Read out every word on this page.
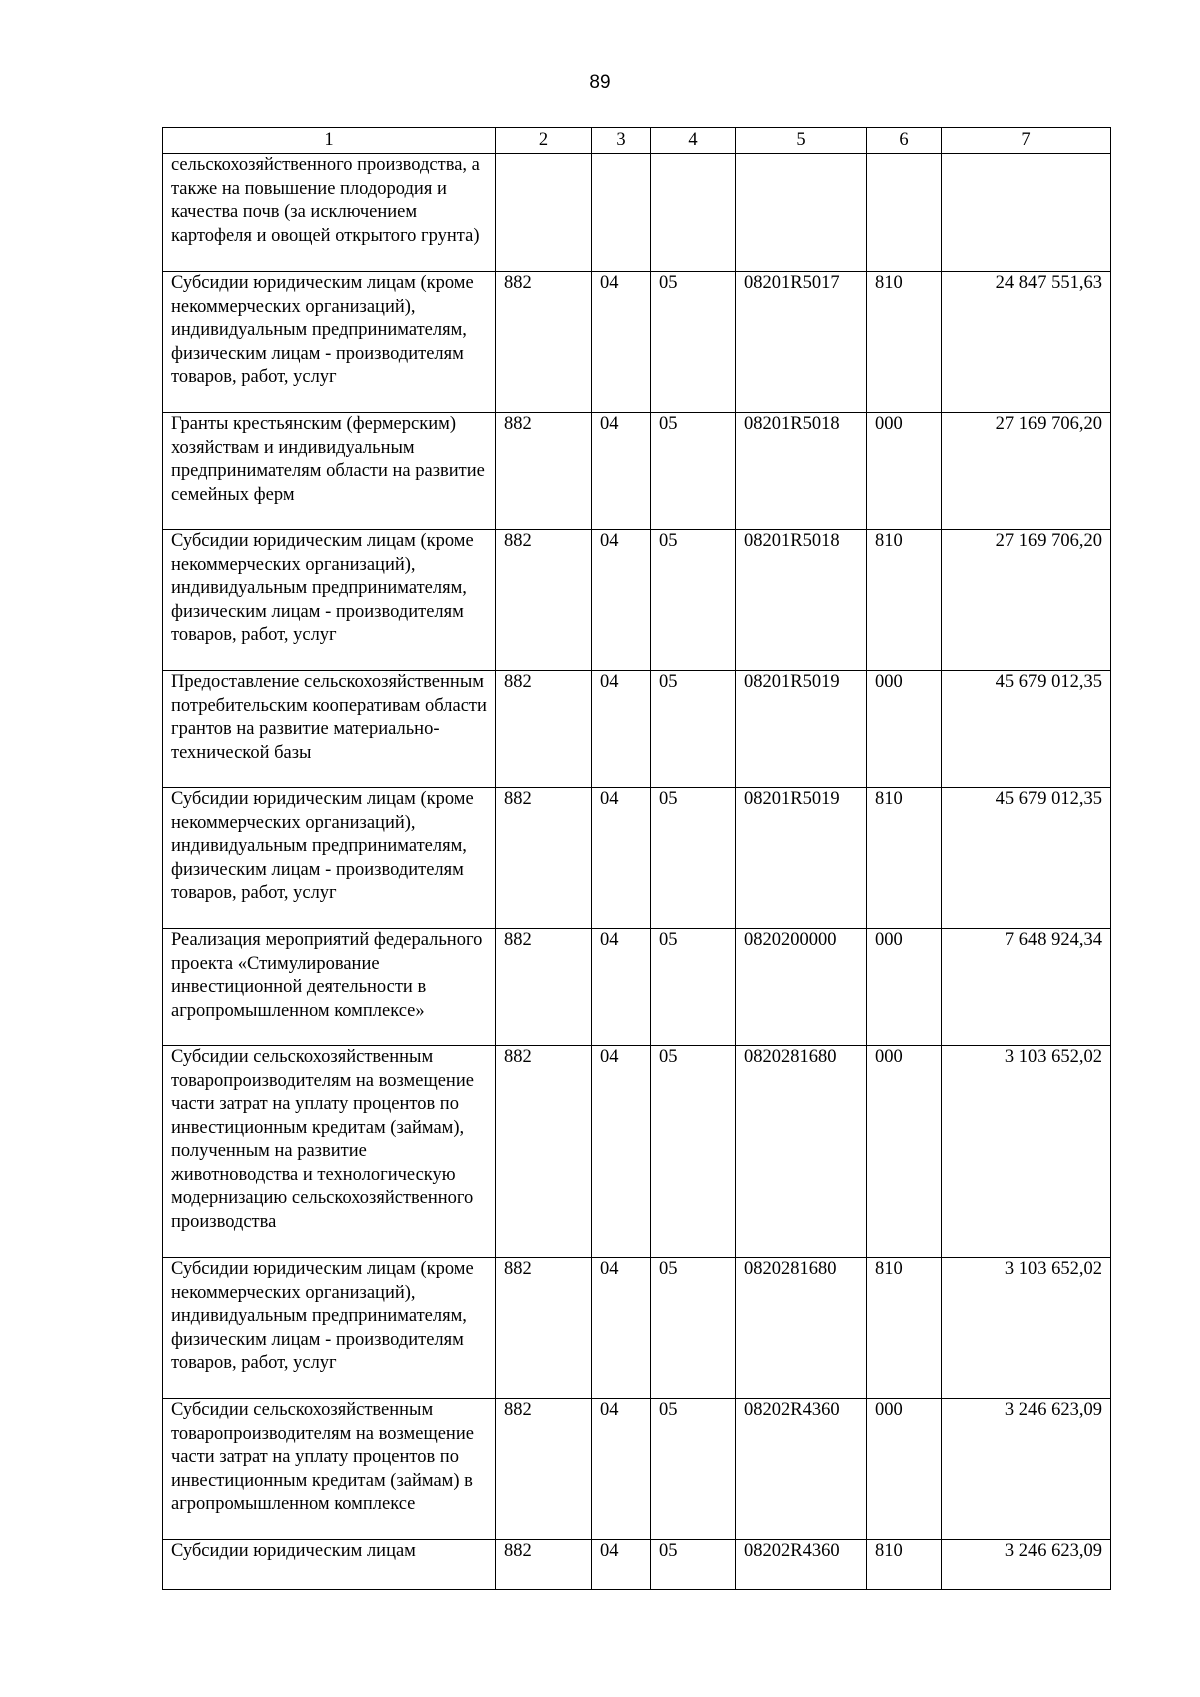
89
1	2	3	4	5	6	7
сельскохозяйственного производства, а также на повышение плодородия и качества почв (за исключением картофеля и овощей открытого грунта)						
Субсидии юридическим лицам (кроме некоммерческих организаций), индивидуальным предпринимателям, физическим лицам - производителям товаров, работ, услуг	882	04	05	08201R5017	810	24 847 551,63
Гранты крестьянским (фермерским) хозяйствам и индивидуальным предпринимателям области на развитие семейных ферм	882	04	05	08201R5018	000	27 169 706,20
Субсидии юридическим лицам (кроме некоммерческих организаций), индивидуальным предпринимателям, физическим лицам - производителям товаров, работ, услуг	882	04	05	08201R5018	810	27 169 706,20
Предоставление сельскохозяйственным потребительским кооперативам области грантов на развитие материально-технической базы	882	04	05	08201R5019	000	45 679 012,35
Субсидии юридическим лицам (кроме некоммерческих организаций), индивидуальным предпринимателям, физическим лицам - производителям товаров, работ, услуг	882	04	05	08201R5019	810	45 679 012,35
Реализация мероприятий федерального проекта «Стимулирование инвестиционной деятельности в агропромышленном комплексе»	882	04	05	0820200000	000	7 648 924,34
Субсидии сельскохозяйственным товаропроизводителям на возмещение части затрат на уплату процентов по инвестиционным кредитам (займам), полученным на развитие животноводства и технологическую модернизацию сельскохозяйственного производства	882	04	05	0820281680	000	3 103 652,02
Субсидии юридическим лицам (кроме некоммерческих организаций), индивидуальным предпринимателям, физическим лицам - производителям товаров, работ, услуг	882	04	05	0820281680	810	3 103 652,02
Субсидии сельскохозяйственным товаропроизводителям на возмещение части затрат на уплату процентов по инвестиционным кредитам (займам) в агропромышленном комплексе	882	04	05	08202R4360	000	3 246 623,09
Субсидии юридическим лицам	882	04	05	08202R4360	810	3 246 623,09
